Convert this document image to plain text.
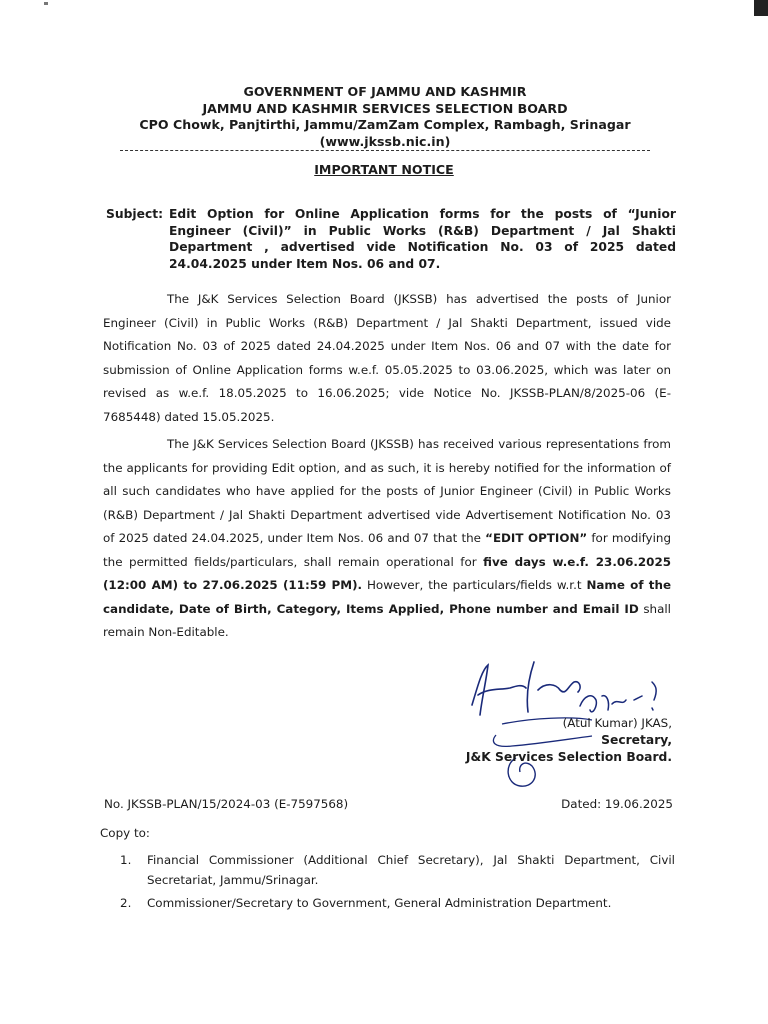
GOVERNMENT OF JAMMU AND KASHMIR
JAMMU AND KASHMIR SERVICES SELECTION BOARD
CPO Chowk, Panjtirthi, Jammu/ZamZam Complex, Rambagh, Srinagar
(www.jkssb.nic.in)
IMPORTANT NOTICE
Subject: Edit Option for Online Application forms for the posts of “Junior Engineer (Civil)” in Public Works (R&B) Department / Jal Shakti Department , advertised vide Notification No. 03 of 2025 dated 24.04.2025 under Item Nos. 06 and 07.
The J&K Services Selection Board (JKSSB) has advertised the posts of Junior Engineer (Civil) in Public Works (R&B) Department / Jal Shakti Department, issued vide Notification No. 03 of 2025 dated 24.04.2025 under Item Nos. 06 and 07 with the date for submission of Online Application forms w.e.f. 05.05.2025 to 03.06.2025, which was later on revised as w.e.f. 18.05.2025 to 16.06.2025; vide Notice No. JKSSB-PLAN/8/2025-06 (E-7685448) dated 15.05.2025.
The J&K Services Selection Board (JKSSB) has received various representations from the applicants for providing Edit option, and as such, it is hereby notified for the information of all such candidates who have applied for the posts of Junior Engineer (Civil) in Public Works (R&B) Department / Jal Shakti Department advertised vide Advertisement Notification No. 03 of 2025 dated 24.04.2025, under Item Nos. 06 and 07 that the “EDIT OPTION” for modifying the permitted fields/particulars, shall remain operational for five days w.e.f. 23.06.2025 (12:00 AM) to 27.06.2025 (11:59 PM). However, the particulars/fields w.r.t Name of the candidate, Date of Birth, Category, Items Applied, Phone number and Email ID shall remain Non-Editable.
(Atul Kumar) JKAS,
Secretary,
J&K Services Selection Board.
No. JKSSB-PLAN/15/2024-03 (E-7597568)	Dated: 19.06.2025
Copy to:
1. Financial Commissioner (Additional Chief Secretary), Jal Shakti Department, Civil Secretariat, Jammu/Srinagar.
2. Commissioner/Secretary to Government, General Administration Department.
